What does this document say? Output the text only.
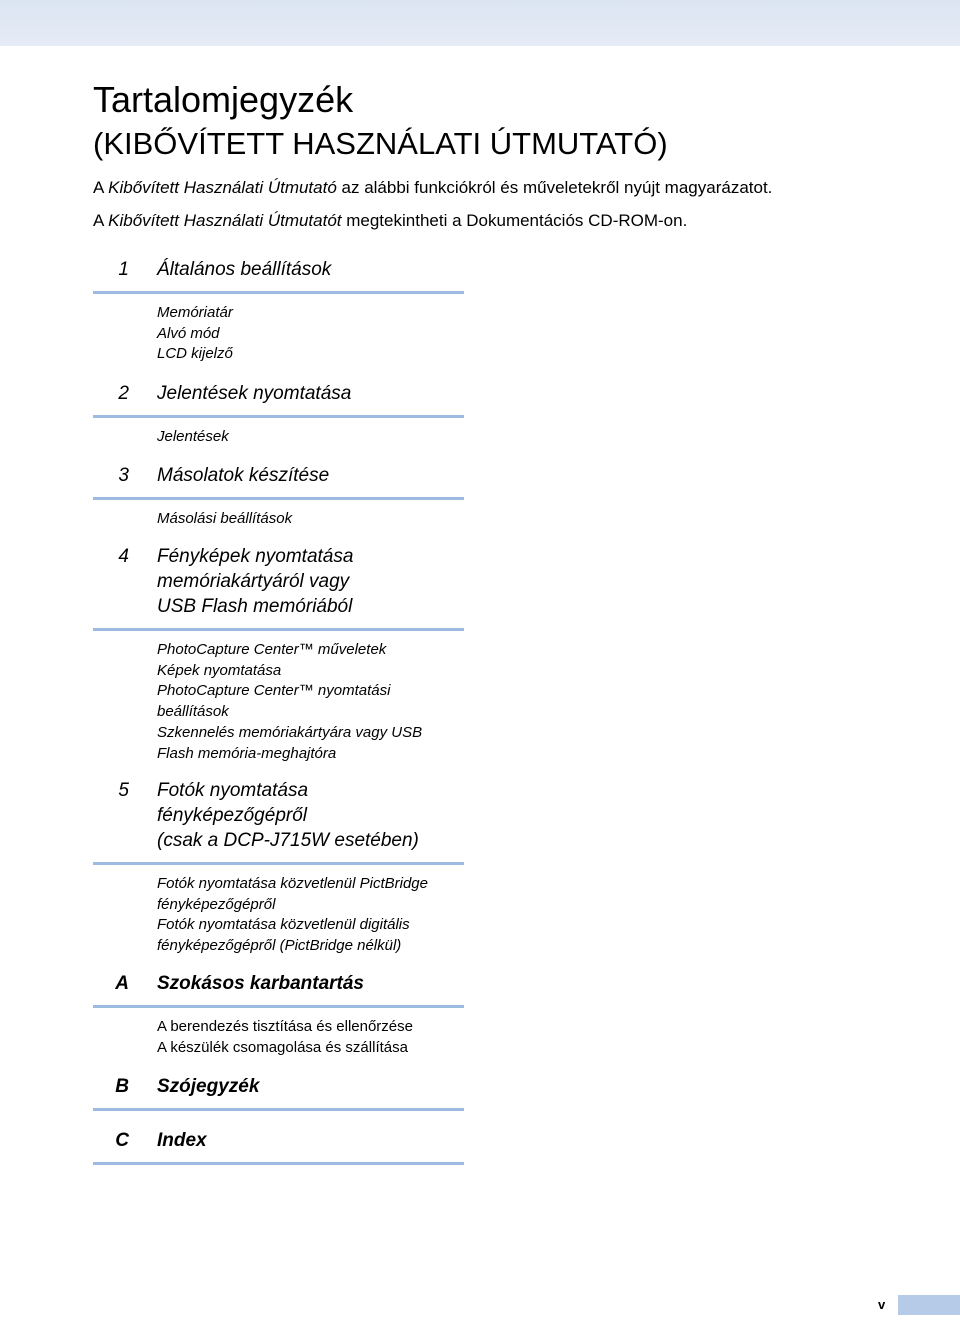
Tartalomjegyzék
(KIBŐVÍTETT HASZNÁLATI ÚTMUTATÓ)
A Kibővített Használati Útmutató az alábbi funkciókról és műveletekről nyújt magyarázatot.
A Kibővített Használati Útmutatót megtekintheti a Dokumentációs CD-ROM-on.
1 Általános beállítások
Memóriatár
Alvó mód
LCD kijelző
2 Jelentések nyomtatása
Jelentések
3 Másolatok készítése
Másolási beállítások
4 Fényképek nyomtatása
memóriakártyáról vagy
USB Flash memóriából
PhotoCapture Center™ műveletek
Képek nyomtatása
PhotoCapture Center™ nyomtatási
beállítások
Szkennelés memóriakártyára vagy USB
Flash memória-meghajtóra
5 Fotók nyomtatása
fényképezőgépről
(csak a DCP-J715W esetében)
Fotók nyomtatása közvetlenül PictBridge
fényképezőgépről
Fotók nyomtatása közvetlenül digitális
fényképezőgépről (PictBridge nélkül)
A Szokásos karbantartás
A berendezés tisztítása és ellenőrzése
A készülék csomagolása és szállítása
B Szójegyzék
C Index
v
